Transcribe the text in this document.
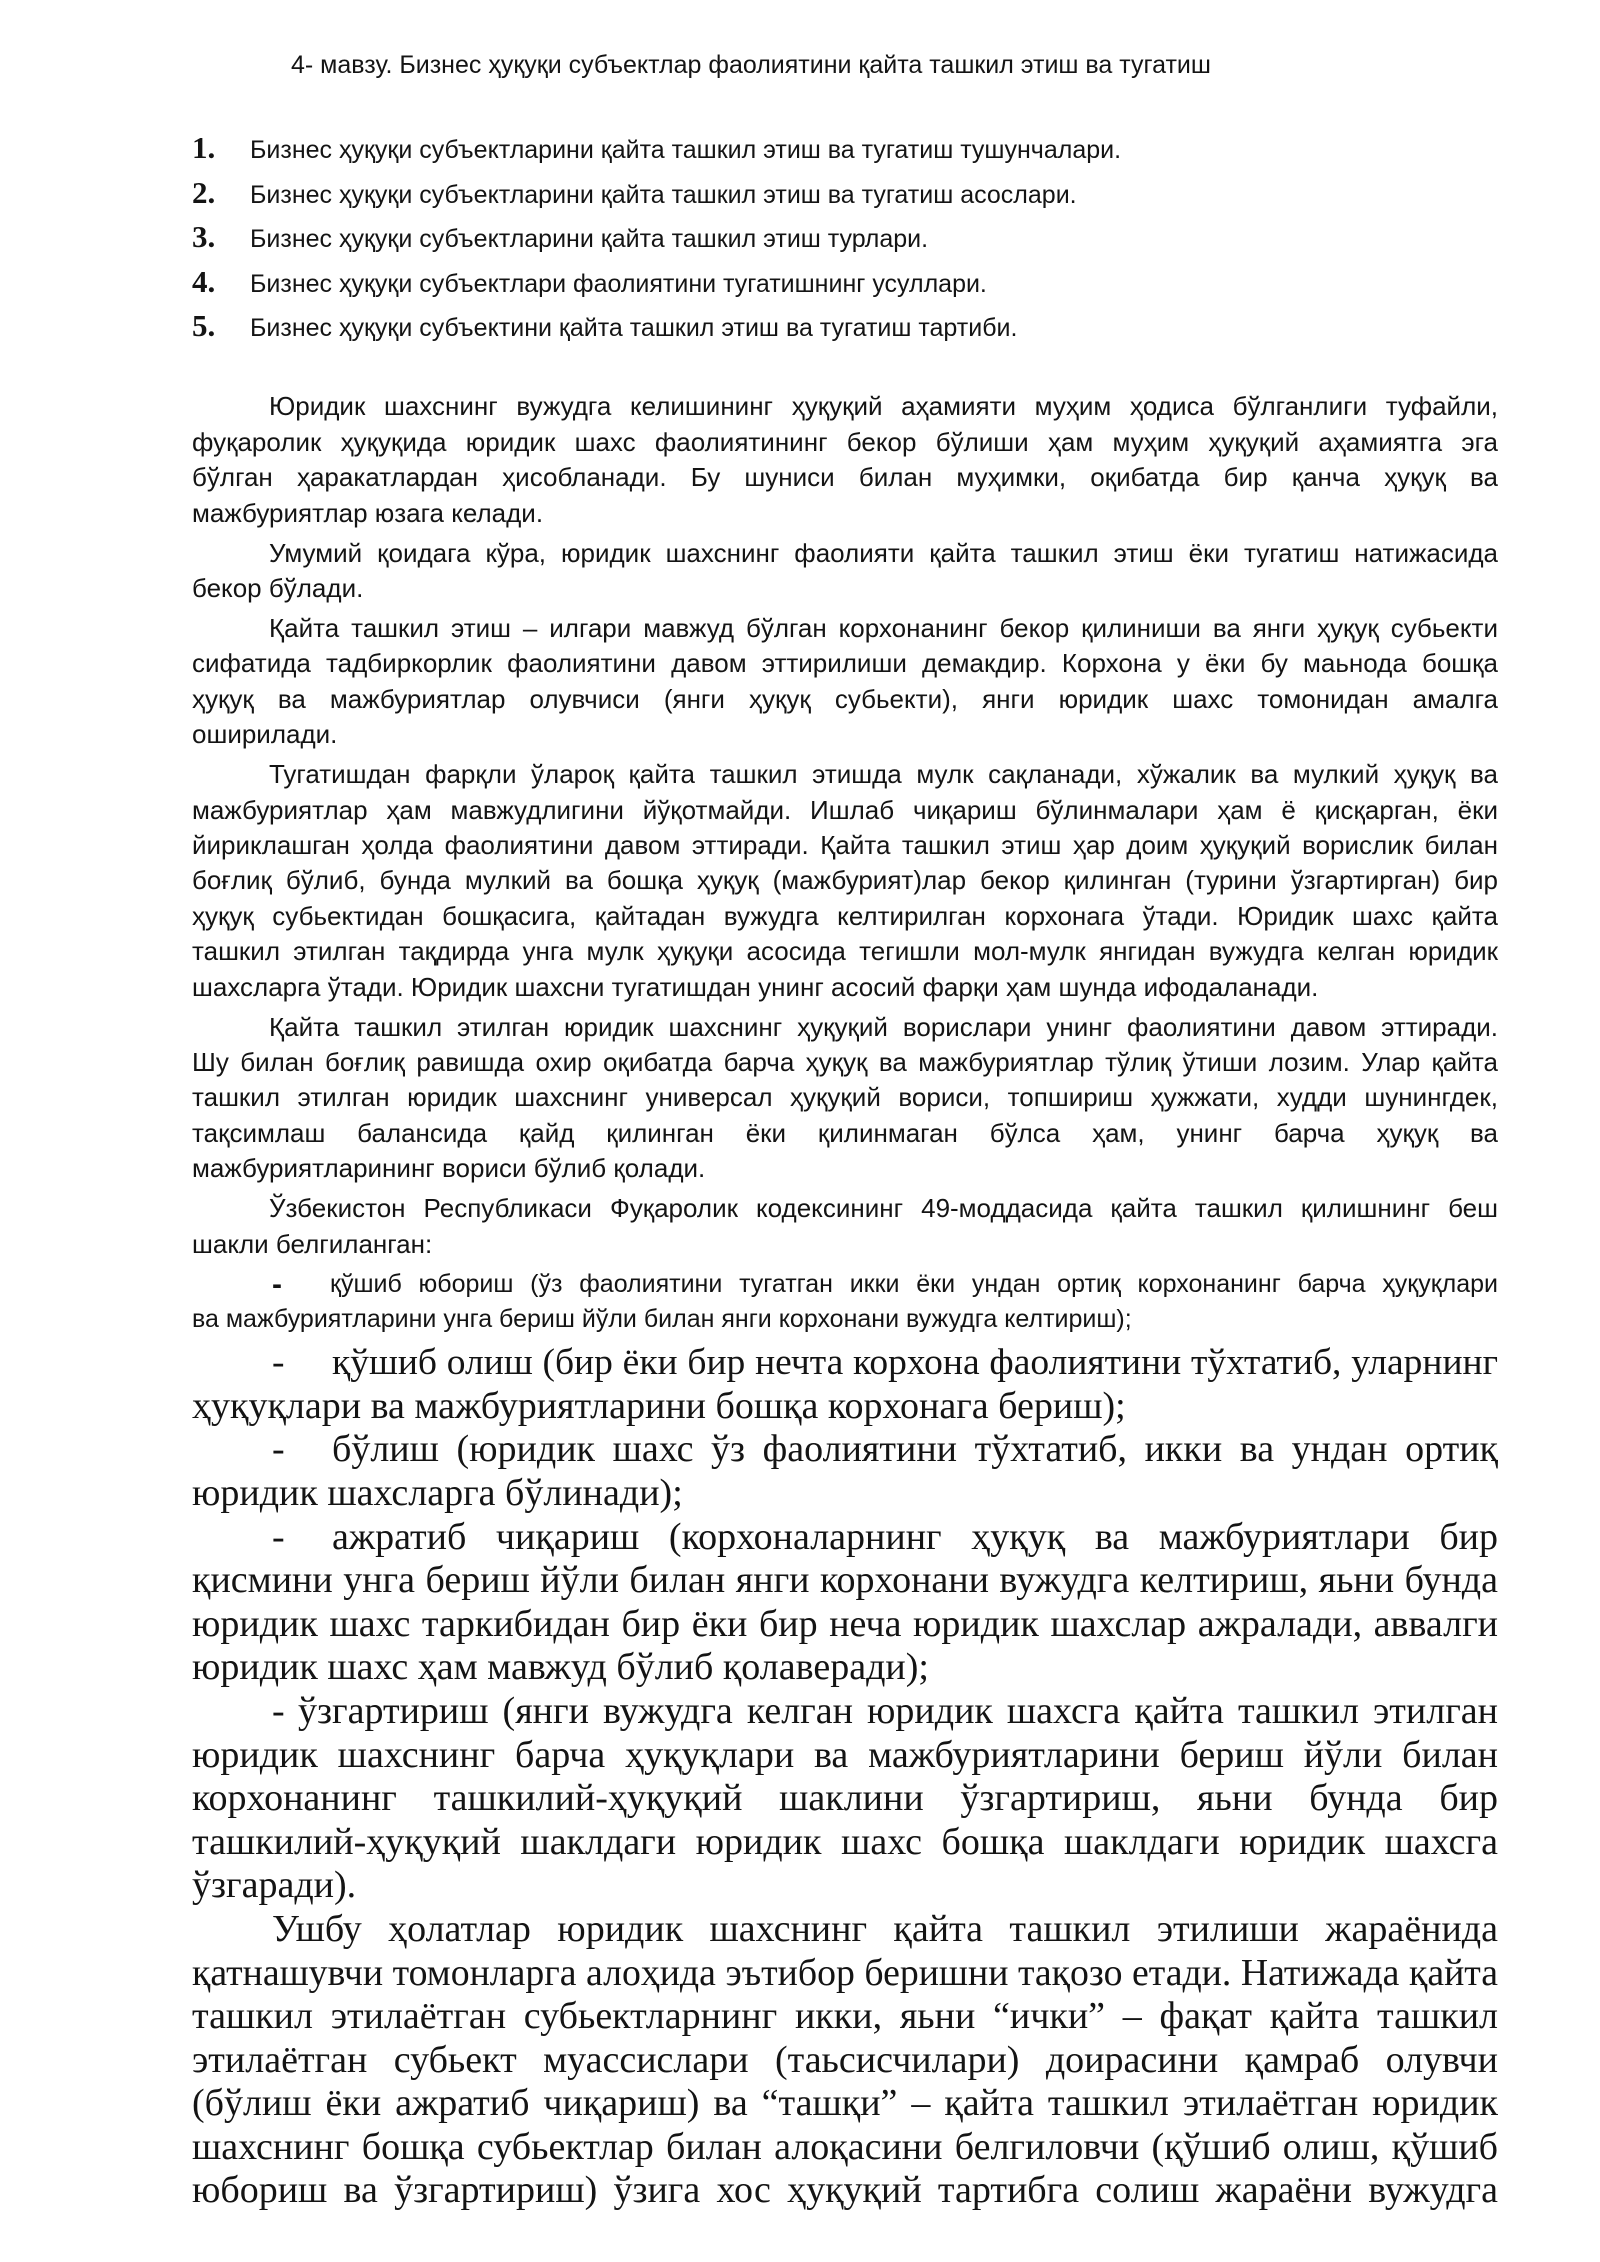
4- мавзу. Бизнес ҳуқуқи субъектлар фаолиятини қайта ташкил этиш ва тугатиш
1. Бизнес ҳуқуқи субъектларини қайта ташкил этиш ва тугатиш тушунчалари.
2. Бизнес ҳуқуқи субъектларини қайта ташкил этиш ва тугатиш асослари.
3. Бизнес ҳуқуқи субъектларини қайта ташкил этиш турлари.
4. Бизнес ҳуқуқи субъектлари фаолиятини тугатишнинг усуллари.
5. Бизнес ҳуқуқи субъектини қайта ташкил этиш ва тугатиш тартиби.
Юридик шахснинг вужудга келишининг ҳуқуқий аҳамияти муҳим ҳодиса бўлганлиги туфайли,
фуқаролик ҳуқуқида юридик шахс фаолиятининг бекор бўлиши ҳам муҳим ҳуқуқий аҳамиятга эга
бўлган ҳаракатлардан ҳисобланади. Бу шуниси билан муҳимки, оқибатда бир қанча ҳуқуқ ва
мажбуриятлар юзага келади.
Умумий қоидага кўра, юридик шахснинг фаолияти қайта ташкил этиш ёки тугатиш натижасида
бекор бўлади.
Қайта ташкил этиш – илгари мавжуд бўлган корхонанинг бекор қилиниши ва янги ҳуқуқ субьекти
сифатида тадбиркорлик фаолиятини давом эттирилиши демакдир. Корхона у ёки бу маьнода бошқа
ҳуқуқ ва мажбуриятлар олувчиси (янги ҳуқуқ субьекти), янги юридик шахс томонидан амалга
оширилади.
Тугатишдан фарқли ўлароқ қайта ташкил этишда мулк сақланади, хўжалик ва мулкий ҳуқуқ ва
мажбуриятлар ҳам мавжудлигини йўқотмайди. Ишлаб чиқариш бўлинмалари ҳам ё қисқарган, ёки
йириклашган ҳолда фаолиятини давом эттиради. Қайта ташкил этиш ҳар доим ҳуқуқий ворислик билан
боғлиқ бўлиб, бунда мулкий ва бошқа ҳуқуқ (мажбурият)лар бекор қилинган (турини ўзгартирган) бир
ҳуқуқ субьектидан бошқасига, қайтадан вужудга келтирилган корхонага ўтади. Юридик шахс қайта
ташкил этилган тақдирда унга мулк ҳуқуқи асосида тегишли мол-мулк янгидан вужудга келган юридик
шахсларга ўтади. Юридик шахсни тугатишдан унинг асосий фарқи ҳам шунда ифодаланади.
Қайта ташкил этилган юридик шахснинг ҳуқуқий ворислари унинг фаолиятини давом эттиради.
Шу билан боғлиқ равишда охир оқибатда барча ҳуқуқ ва мажбуриятлар тўлиқ ўтиши лозим. Улар қайта
ташкил этилган юридик шахснинг универсал ҳуқуқий вориси, топшириш ҳужжати, худди шунингдек,
тақсимлаш балансида қайд қилинган ёки қилинмаган бўлса ҳам, унинг барча ҳуқуқ ва
мажбуриятларининг вориси бўлиб қолади.
Ўзбекистон Республикаси Фуқаролик кодексининг 49-моддасида қайта ташкил қилишнинг беш
шакли белгиланган:
- қўшиб юбориш (ўз фаолиятини тугатган икки ёки ундан ортиқ корхонанинг барча ҳуқуқлари
ва мажбуриятларини унга бериш йўли билан янги корхонани вужудга келтириш);
- қўшиб олиш (бир ёки бир нечта корхона фаолиятини тўхтатиб, уларнинг
ҳуқуқлари ва мажбуриятларини бошқа корхонага бериш);
- бўлиш (юридик шахс ўз фаолиятини тўхтатиб, икки ва ундан ортиқ
юридик шахсларга бўлинади);
- ажратиб чиқариш (корхоналарнинг ҳуқуқ ва мажбуриятлари бир
қисмини унга бериш йўли билан янги корхонани вужудга келтириш, яьни бунда
юридик шахс таркибидан бир ёки бир неча юридик шахслар ажралади, аввалги
юридик шахс ҳам мавжуд бўлиб қолаверади);
- ўзгартириш (янги вужудга келган юридик шахсга қайта ташкил этилган
юридик шахснинг барча ҳуқуқлари ва мажбуриятларини бериш йўли билан
корхонанинг ташкилий-ҳуқуқий шаклини ўзгартириш, яьни бунда бир
ташкилий-ҳуқуқий шаклдаги юридик шахс бошқа шаклдаги юридик шахсга
ўзгаради).
Ушбу ҳолатлар юридик шахснинг қайта ташкил этилиши жараёнида
қатнашувчи томонларга алоҳида эътибор беришни тақозо етади. Натижада қайта
ташкил этилаётган субьектларнинг икки, яьни “ички” – фақат қайта ташкил
этилаётган субьект муассислари (таьсисчилари) доирасини қамраб олувчи
(бўлиш ёки ажратиб чиқариш) ва “ташқи” – қайта ташкил этилаётган юридик
шахснинг бошқа субьектлар билан алоқасини белгиловчи (қўшиб олиш, қўшиб
юбориш ва ўзгартириш) ўзига хос ҳуқуқий тартибга солиш жараёни вужудга
